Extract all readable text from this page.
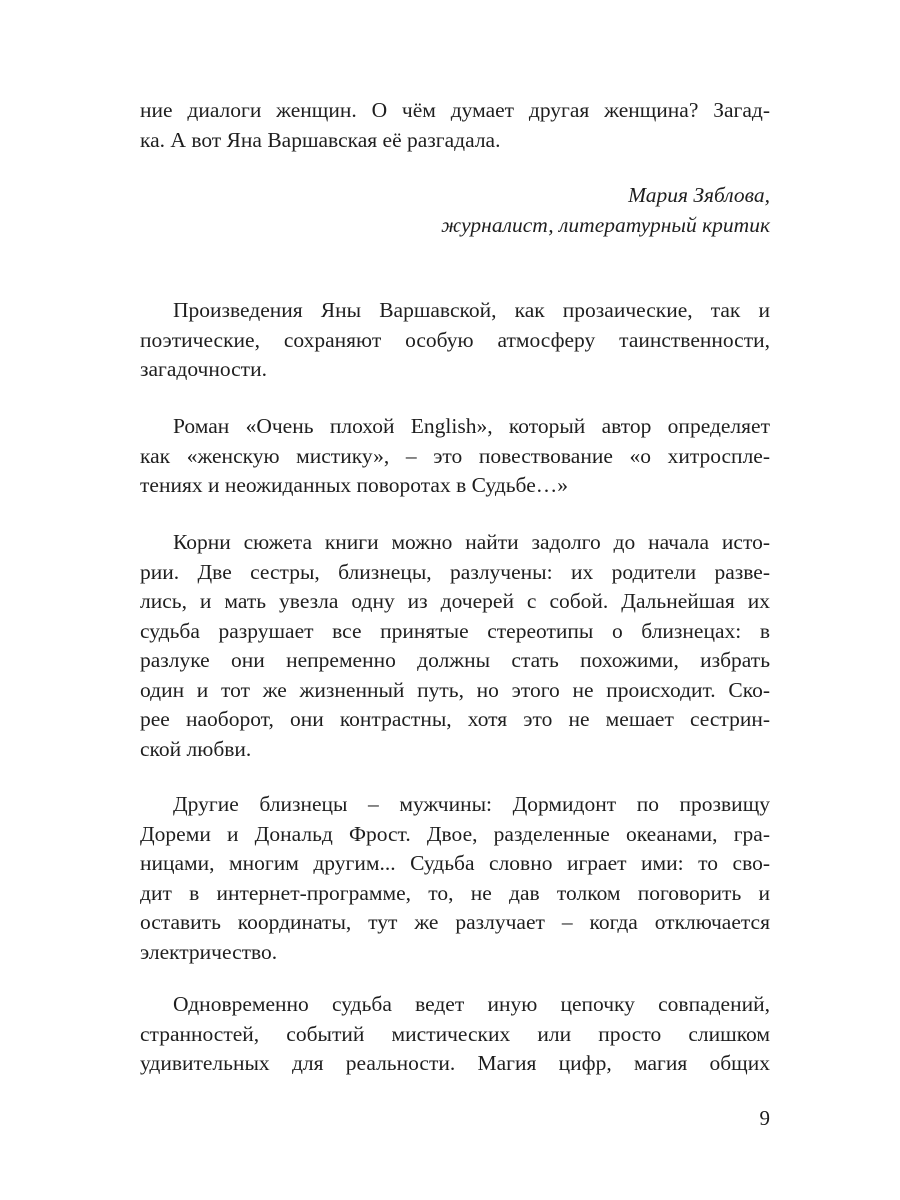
ние диалоги женщин. О чём думает другая женщина? Загад-
ка. А вот Яна Варшавская её разгадала.
Мария Зяблова,
журналист, литературный критик
Произведения Яны Варшавской, как прозаические, так и
поэтические, сохраняют особую атмосферу таинственности,
загадочности.
Роман «Очень плохой English», который автор определяет
как «женскую мистику», – это повествование «о хитроспле-
тениях и неожиданных поворотах в Судьбе…»
Корни сюжета книги можно найти задолго до начала исто-
рии. Две сестры, близнецы, разлучены: их родители разве-
лись, и мать увезла одну из дочерей с собой. Дальнейшая их
судьба разрушает все принятые стереотипы о близнецах: в
разлуке они непременно должны стать похожими, избрать
один и тот же жизненный путь, но этого не происходит. Ско-
рее наоборот, они контрастны, хотя это не мешает сестрин-
ской любви.
Другие близнецы – мужчины: Дормидонт по прозвищу
Дореми и Дональд Фрост. Двое, разделенные океанами, гра-
ницами, многим другим... Судьба словно играет ими: то сво-
дит в интернет-программе, то, не дав толком поговорить и
оставить координаты, тут же разлучает – когда отключается
электричество.
Одновременно судьба ведет иную цепочку совпадений,
странностей, событий мистических или просто слишком
удивительных для реальности. Магия цифр, магия общих
9
